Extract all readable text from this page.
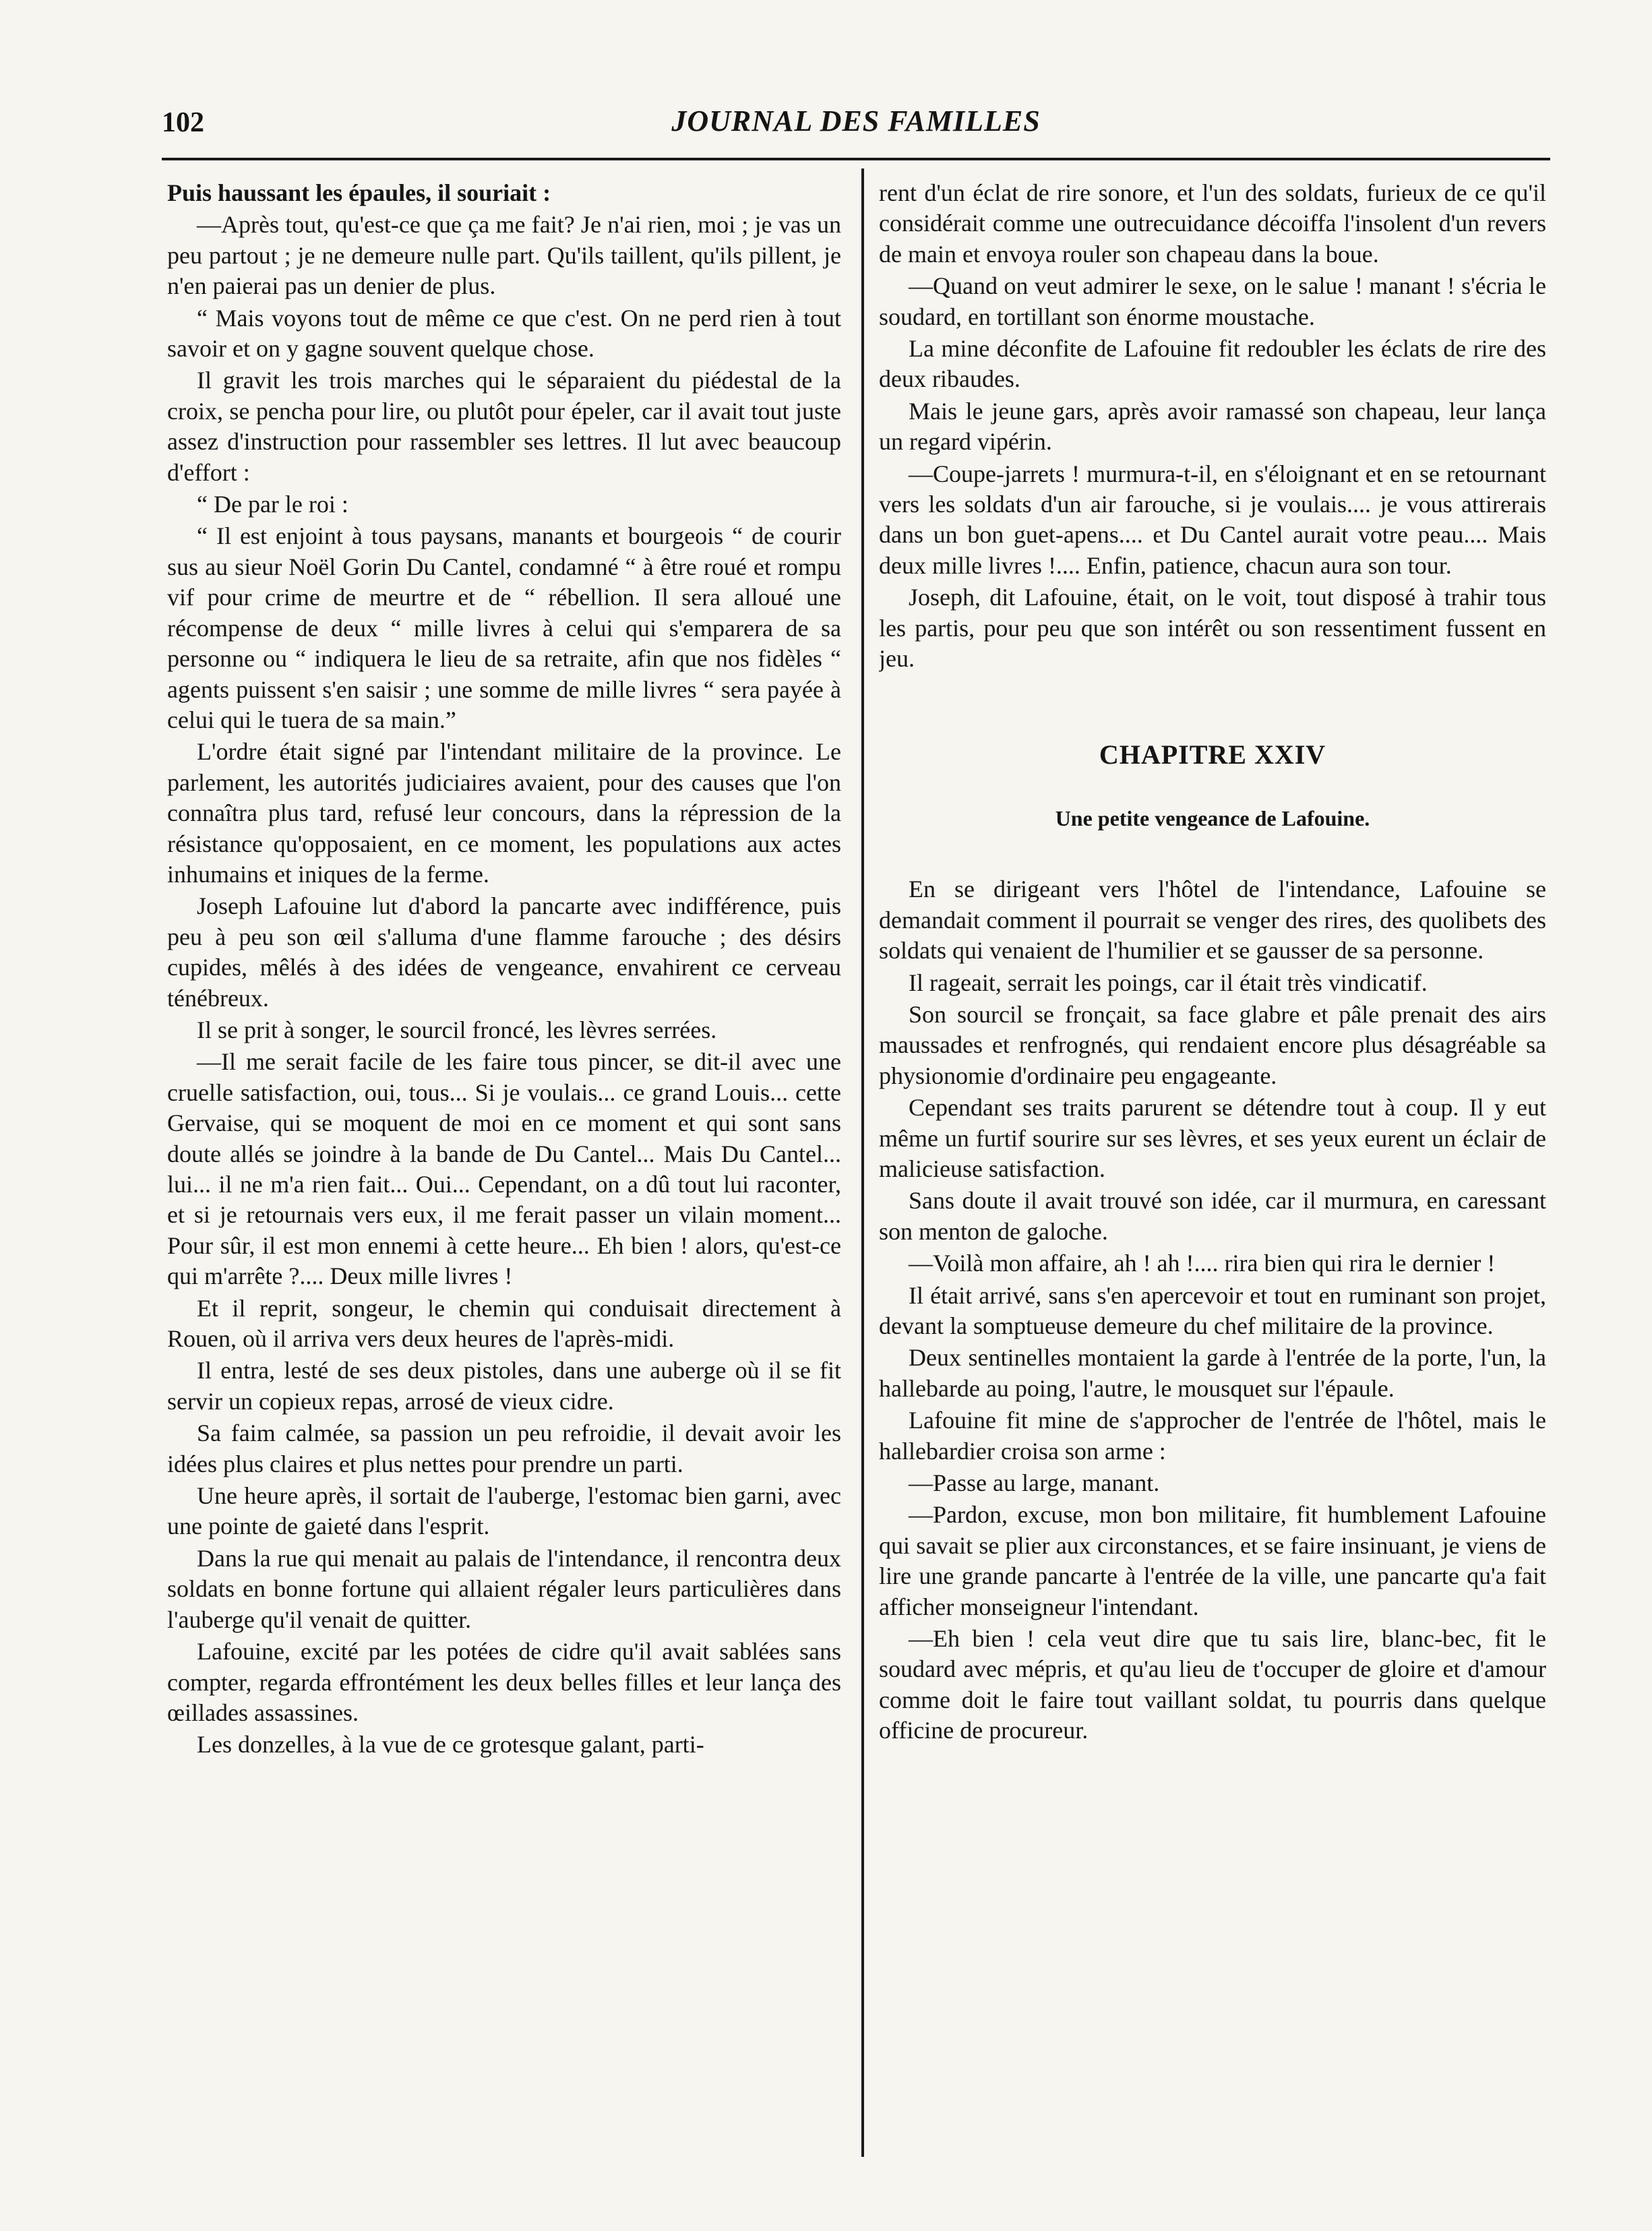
102	JOURNAL DES FAMILLES

Puis haussant les épaules, il souriait :

—Après tout, qu'est-ce que ça me fait? Je n'ai rien, moi ; je vas un peu partout ; je ne demeure nulle part. Qu'ils taillent, qu'ils pillent, je n'en paierai pas un denier de plus.

“ Mais voyons tout de même ce que c'est. On ne perd rien à tout savoir et on y gagne souvent quelque chose.

Il gravit les trois marches qui le séparaient du piédestal de la croix, se pencha pour lire, ou plutôt pour épeler, car il avait tout juste assez d'instruction pour rassembler ses lettres. Il lut avec beaucoup d'effort :

“ De par le roi :

“ Il est enjoint à tous paysans, manants et bourgeois “ de courir sus au sieur Noël Gorin Du Cantel, condamné “ à être roué et rompu vif pour crime de meurtre et de “ rébellion. Il sera alloué une récompense de deux “ mille livres à celui qui s'emparera de sa personne ou “ indiquera le lieu de sa retraite, afin que nos fidèles “ agents puissent s'en saisir ; une somme de mille livres “ sera payée à celui qui le tuera de sa main.”

L'ordre était signé par l'intendant militaire de la province. Le parlement, les autorités judiciaires avaient, pour des causes que l'on connaîtra plus tard, refusé leur concours, dans la répression de la résistance qu'opposaient, en ce moment, les populations aux actes inhumains et iniques de la ferme.

Joseph Lafouine lut d'abord la pancarte avec indifférence, puis peu à peu son œil s'alluma d'une flamme farouche ; des désirs cupides, mêlés à des idées de vengeance, envahirent ce cerveau ténébreux.

Il se prit à songer, le sourcil froncé, les lèvres serrées.

—Il me serait facile de les faire tous pincer, se dit-il avec une cruelle satisfaction, oui, tous... Si je voulais... ce grand Louis... cette Gervaise, qui se moquent de moi en ce moment et qui sont sans doute allés se joindre à la bande de Du Cantel... Mais Du Cantel... lui... il ne m'a rien fait... Oui... Cependant, on a dû tout lui raconter, et si je retournais vers eux, il me ferait passer un vilain moment... Pour sûr, il est mon ennemi à cette heure... Eh bien ! alors, qu'est-ce qui m'arrête ?.... Deux mille livres !

Et il reprit, songeur, le chemin qui conduisait directement à Rouen, où il arriva vers deux heures de l'après-midi.

Il entra, lesté de ses deux pistoles, dans une auberge où il se fit servir un copieux repas, arrosé de vieux cidre.

Sa faim calmée, sa passion un peu refroidie, il devait avoir les idées plus claires et plus nettes pour prendre un parti.

Une heure après, il sortait de l'auberge, l'estomac bien garni, avec une pointe de gaieté dans l'esprit.

Dans la rue qui menait au palais de l'intendance, il rencontra deux soldats en bonne fortune qui allaient régaler leurs particulières dans l'auberge qu'il venait de quitter.

Lafouine, excité par les potées de cidre qu'il avait sablées sans compter, regarda effrontément les deux belles filles et leur lança des œillades assassines.

Les donzelles, à la vue de ce grotesque galant, parti-

rent d'un éclat de rire sonore, et l'un des soldats, furieux de ce qu'il considérait comme une outrecuidance décoiffa l'insolent d'un revers de main et envoya rouler son chapeau dans la boue.

—Quand on veut admirer le sexe, on le salue ! manant ! s'écria le soudard, en tortillant son énorme moustache.

La mine déconfite de Lafouine fit redoubler les éclats de rire des deux ribaudes.

Mais le jeune gars, après avoir ramassé son chapeau, leur lança un regard vipérin.

—Coupe-jarrets ! murmura-t-il, en s'éloignant et en se retournant vers les soldats d'un air farouche, si je voulais.... je vous attirerais dans un bon guet-apens.... et Du Cantel aurait votre peau.... Mais deux mille livres !.... Enfin, patience, chacun aura son tour.

Joseph, dit Lafouine, était, on le voit, tout disposé à trahir tous les partis, pour peu que son intérêt ou son ressentiment fussent en jeu.

CHAPITRE XXIV
Une petite vengeance de Lafouine.

En se dirigeant vers l'hôtel de l'intendance, Lafouine se demandait comment il pourrait se venger des rires, des quolibets des soldats qui venaient de l'humilier et se gausser de sa personne.

Il rageait, serrait les poings, car il était très vindicatif.

Son sourcil se fronçait, sa face glabre et pâle prenait des airs maussades et renfrognés, qui rendaient encore plus désagréable sa physionomie d'ordinaire peu engageante.

Cependant ses traits parurent se détendre tout à coup. Il y eut même un furtif sourire sur ses lèvres, et ses yeux eurent un éclair de malicieuse satisfaction.

Sans doute il avait trouvé son idée, car il murmura, en caressant son menton de galoche.

—Voilà mon affaire, ah ! ah !.... rira bien qui rira le dernier !

Il était arrivé, sans s'en apercevoir et tout en ruminant son projet, devant la somptueuse demeure du chef militaire de la province.

Deux sentinelles montaient la garde à l'entrée de la porte, l'un, la hallebarde au poing, l'autre, le mousquet sur l'épaule.

Lafouine fit mine de s'approcher de l'entrée de l'hôtel, mais le hallebardier croisa son arme :

—Passe au large, manant.

—Pardon, excuse, mon bon militaire, fit humblement Lafouine qui savait se plier aux circonstances, et se faire insinuant, je viens de lire une grande pancarte à l'entrée de la ville, une pancarte qu'a fait afficher monseigneur l'intendant.

—Eh bien ! cela veut dire que tu sais lire, blanc-bec, fit le soudard avec mépris, et qu'au lieu de t'occuper de gloire et d'amour comme doit le faire tout vaillant soldat, tu pourris dans quelque officine de procureur.
